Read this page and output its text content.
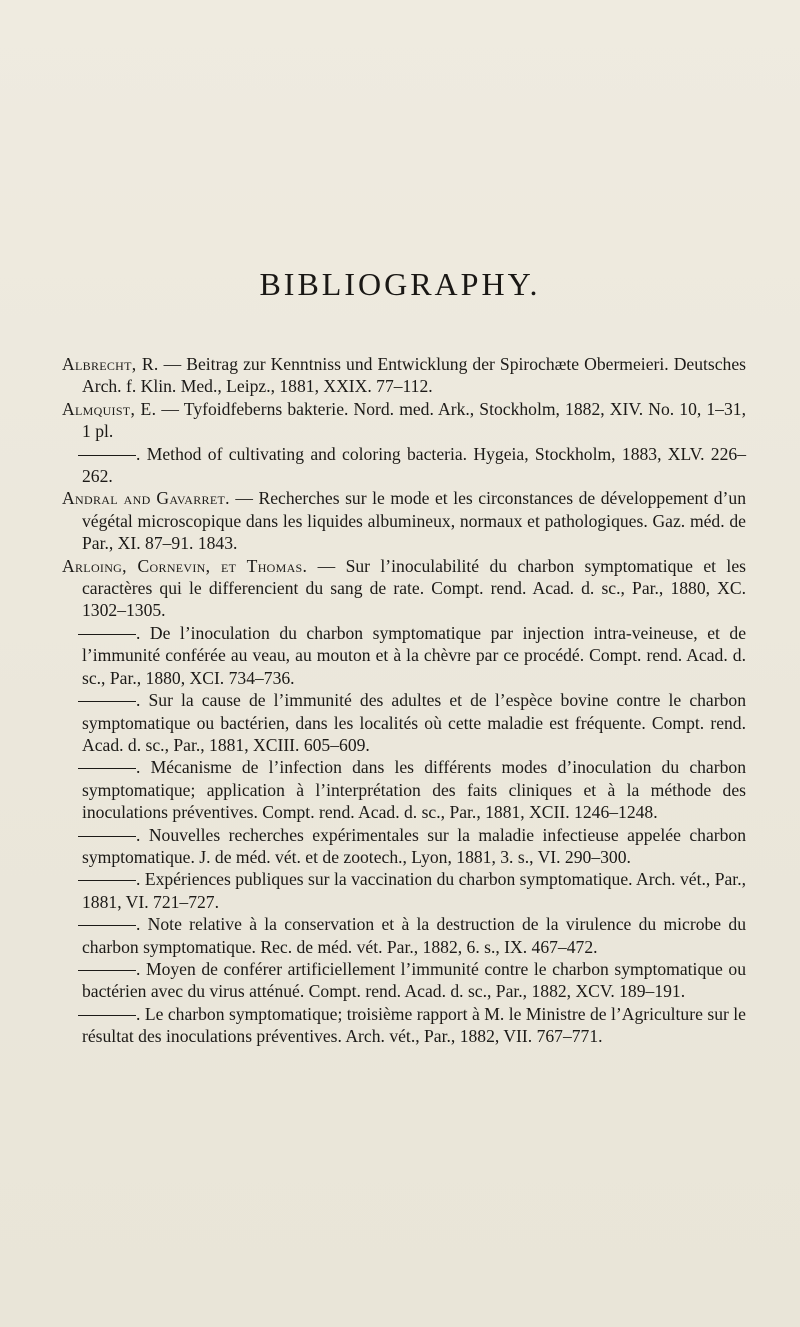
BIBLIOGRAPHY.

Albrecht, R. — Beitrag zur Kenntniss und Entwicklung der Spirochæte Obermeieri. Deutsches Arch. f. Klin. Med., Leipz., 1881, XXIX. 77–112.

Almquist, E. — Tyfoidfeberns bakterie. Nord. med. Ark., Stockholm, 1882, XIV. No. 10, 1–31, 1 pl.

. Method of cultivating and coloring bacteria. Hygeia, Stockholm, 1883, XLV. 226–262.

Andral and Gavarret. — Recherches sur le mode et les circonstances de développement d’un végétal microscopique dans les liquides albumineux, normaux et pathologiques. Gaz. méd. de Par., XI. 87–91. 1843.

Arloing, Cornevin, et Thomas. — Sur l’inoculabilité du charbon symptomatique et les caractères qui le differencient du sang de rate. Compt. rend. Acad. d. sc., Par., 1880, XC. 1302–1305.

. De l’inoculation du charbon symptomatique par injection intra-veineuse, et de l’immunité conférée au veau, au mouton et à la chèvre par ce procédé. Compt. rend. Acad. d. sc., Par., 1880, XCI. 734–736.

. Sur la cause de l’immunité des adultes et de l’espèce bovine contre le charbon symptomatique ou bactérien, dans les localités où cette maladie est fréquente. Compt. rend. Acad. d. sc., Par., 1881, XCIII. 605–609.

. Mécanisme de l’infection dans les différents modes d’inoculation du charbon symptomatique; application à l’interprétation des faits cliniques et à la méthode des inoculations préventives. Compt. rend. Acad. d. sc., Par., 1881, XCII. 1246–1248.

. Nouvelles recherches expérimentales sur la maladie infectieuse appelée charbon symptomatique. J. de méd. vét. et de zootech., Lyon, 1881, 3. s., VI. 290–300.

. Expériences publiques sur la vaccination du charbon symptomatique. Arch. vét., Par., 1881, VI. 721–727.

. Note relative à la conservation et à la destruction de la virulence du microbe du charbon symptomatique. Rec. de méd. vét. Par., 1882, 6. s., IX. 467–472.

. Moyen de conférer artificiellement l’immunité contre le charbon symptomatique ou bactérien avec du virus atténué. Compt. rend. Acad. d. sc., Par., 1882, XCV. 189–191.

. Le charbon symptomatique; troisième rapport à M. le Ministre de l’Agriculture sur le résultat des inoculations préventives. Arch. vét., Par., 1882, VII. 767–771.
